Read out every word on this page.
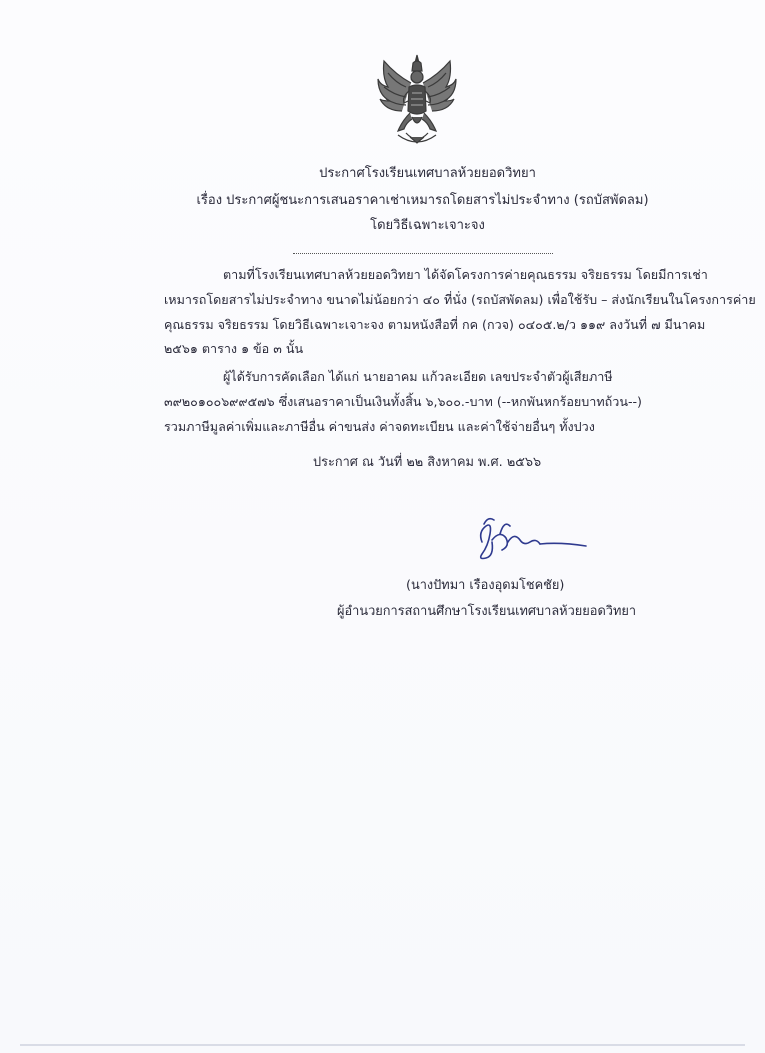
ประกาศโรงเรียนเทศบาลห้วยยอดวิทยา
เรื่อง ประกาศผู้ชนะการเสนอราคาเช่าเหมารถโดยสารไม่ประจำทาง (รถบัสพัดลม)
โดยวิธีเฉพาะเจาะจง
ตามที่โรงเรียนเทศบาลห้วยยอดวิทยา ได้จัดโครงการค่ายคุณธรรม จริยธรรม โดยมีการเช่า
เหมารถโดยสารไม่ประจำทาง ขนาดไม่น้อยกว่า ๔๐ ที่นั่ง (รถบัสพัดลม) เพื่อใช้รับ – ส่งนักเรียนในโครงการค่าย
คุณธรรม จริยธรรม โดยวิธีเฉพาะเจาะจง ตามหนังสือที่ กค (กวจ) ๐๔๐๕.๒/ว ๑๑๙ ลงวันที่ ๗ มีนาคม
๒๕๖๑ ตาราง ๑ ข้อ ๓ นั้น
ผู้ได้รับการคัดเลือก ได้แก่ นายอาคม แก้วละเอียด เลขประจำตัวผู้เสียภาษี
๓๙๒๐๑๐๐๖๙๙๕๗๖ ซึ่งเสนอราคาเป็นเงินทั้งสิ้น ๖,๖๐๐.-บาท (--หกพันหกร้อยบาทถ้วน--)
รวมภาษีมูลค่าเพิ่มและภาษีอื่น ค่าขนส่ง ค่าจดทะเบียน และค่าใช้จ่ายอื่นๆ ทั้งปวง
ประกาศ ณ วันที่ ๒๒ สิงหาคม พ.ศ. ๒๕๖๖
(นางปัทมา เรืองอุดมโชคชัย)
ผู้อำนวยการสถานศึกษาโรงเรียนเทศบาลห้วยยอดวิทยา
